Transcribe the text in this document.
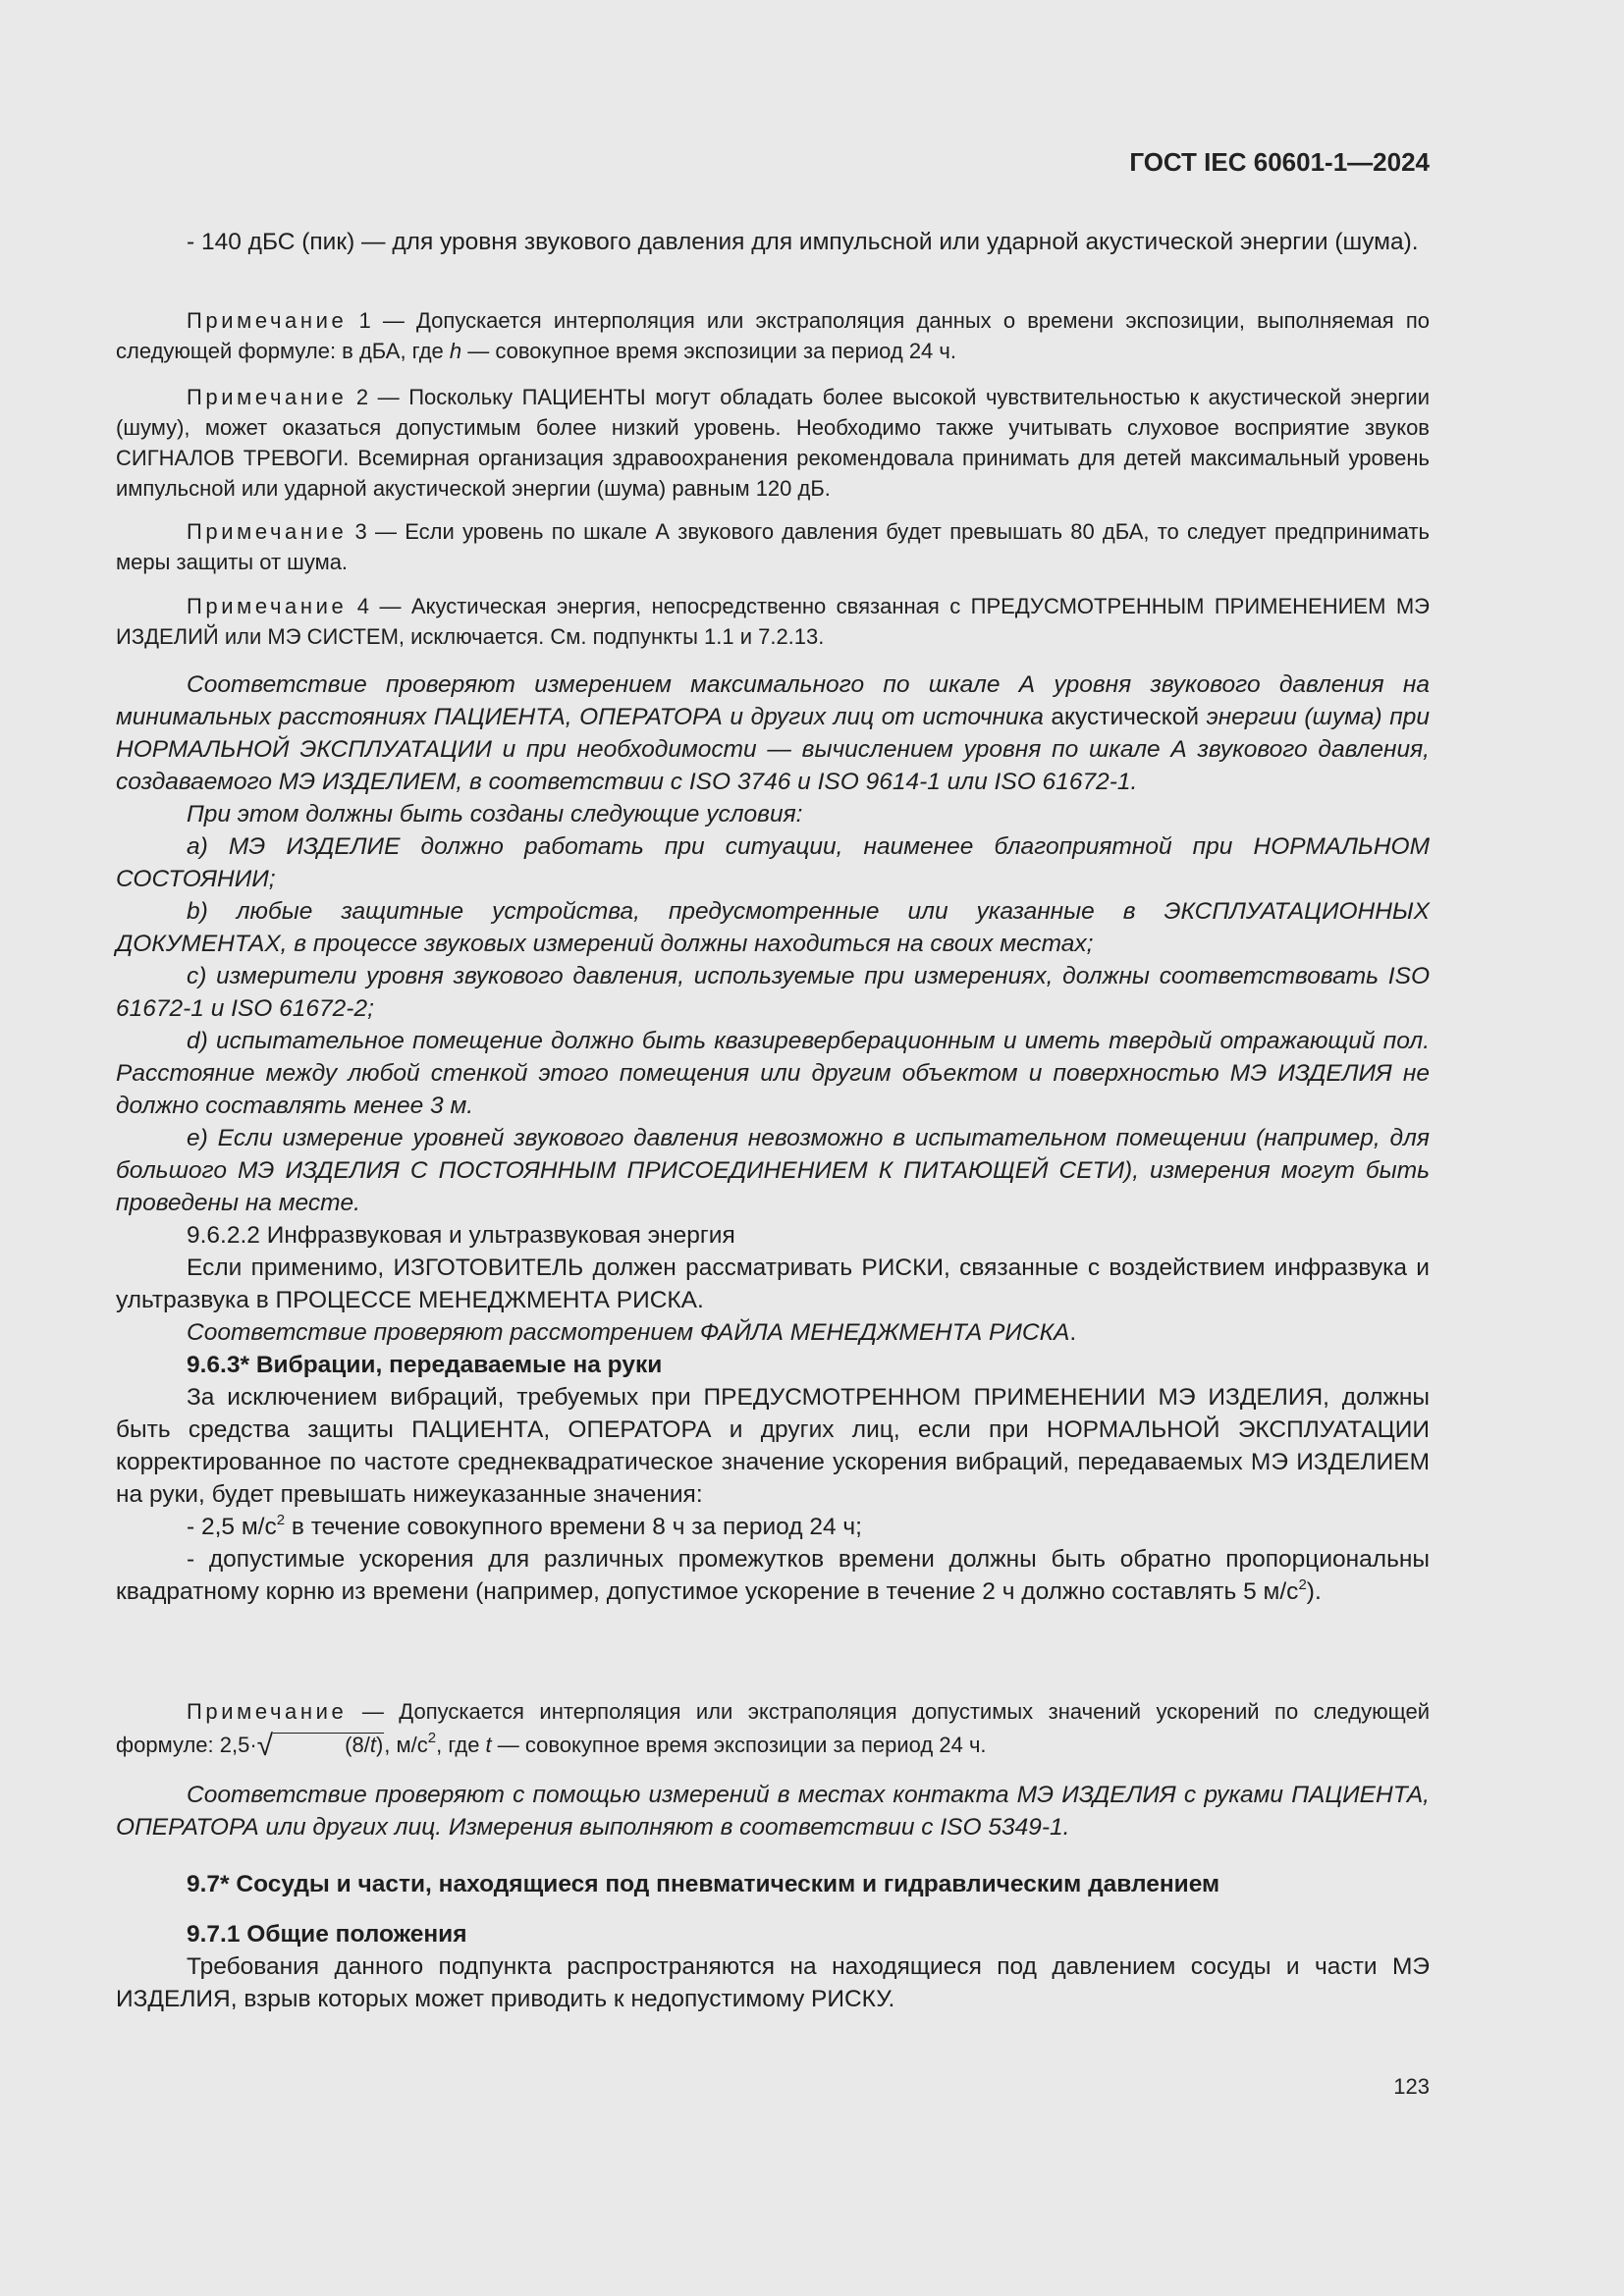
ГОСТ IEC 60601-1—2024

- 140 дБС (пик) — для уровня звукового давления для импульсной или ударной акустической энергии (шума).

Примечание 1 — Допускается интерполяция или экстраполяция данных о времени экспозиции, выполняемая по следующей формуле: в дБА, где h — совокупное время экспозиции за период 24 ч.

Примечание 2 — Поскольку ПАЦИЕНТЫ могут обладать более высокой чувствительностью к акустической энергии (шуму), может оказаться допустимым более низкий уровень. Необходимо также учитывать слуховое восприятие звуков СИГНАЛОВ ТРЕВОГИ. Всемирная организация здравоохранения рекомендовала принимать для детей максимальный уровень импульсной или ударной акустической энергии (шума) равным 120 дБ.

Примечание 3 — Если уровень по шкале А звукового давления будет превышать 80 дБА, то следует предпринимать меры защиты от шума.

Примечание 4 — Акустическая энергия, непосредственно связанная с ПРЕДУСМОТРЕННЫМ ПРИМЕНЕНИЕМ МЭ ИЗДЕЛИЙ или МЭ СИСТЕМ, исключается. См. подпункты 1.1 и 7.2.13.

Соответствие проверяют измерением максимального по шкале А уровня звукового давления на минимальных расстояниях ПАЦИЕНТА, ОПЕРАТОРА и других лиц от источника акустической энергии (шума) при НОРМАЛЬНОЙ ЭКСПЛУАТАЦИИ и при необходимости — вычислением уровня по шкале А звукового давления, создаваемого МЭ ИЗДЕЛИЕМ, в соответствии с ISO 3746 и ISO 9614-1 или ISO 61672-1.

При этом должны быть созданы следующие условия:

a) МЭ ИЗДЕЛИЕ должно работать при ситуации, наименее благоприятной при НОРМАЛЬНОМ СОСТОЯНИИ;

b) любые защитные устройства, предусмотренные или указанные в ЭКСПЛУАТАЦИОННЫХ ДОКУМЕНТАХ, в процессе звуковых измерений должны находиться на своих местах;

c) измерители уровня звукового давления, используемые при измерениях, должны соответствовать ISO 61672-1 и ISO 61672-2;

d) испытательное помещение должно быть квазиреверберационным и иметь твердый отражающий пол. Расстояние между любой стенкой этого помещения или другим объектом и поверхностью МЭ ИЗДЕЛИЯ не должно составлять менее 3 м.

e) Если измерение уровней звукового давления невозможно в испытательном помещении (например, для большого МЭ ИЗДЕЛИЯ С ПОСТОЯННЫМ ПРИСОЕДИНЕНИЕМ К ПИТАЮЩЕЙ СЕТИ), измерения могут быть проведены на месте.

9.6.2.2 Инфразвуковая и ультразвуковая энергия

Если применимо, ИЗГОТОВИТЕЛЬ должен рассматривать РИСКИ, связанные с воздействием инфразвука и ультразвука в ПРОЦЕССЕ МЕНЕДЖМЕНТА РИСКА.

Соответствие проверяют рассмотрением ФАЙЛА МЕНЕДЖМЕНТА РИСКА.

9.6.3* Вибрации, передаваемые на руки

За исключением вибраций, требуемых при ПРЕДУСМОТРЕННОМ ПРИМЕНЕНИИ МЭ ИЗДЕЛИЯ, должны быть средства защиты ПАЦИЕНТА, ОПЕРАТОРА и других лиц, если при НОРМАЛЬНОЙ ЭКСПЛУАТАЦИИ корректированное по частоте среднеквадратическое значение ускорения вибраций, передаваемых МЭ ИЗДЕЛИЕМ на руки, будет превышать нижеуказанные значения:

- 2,5 $м/с^2$ в течение совокупного времени 8 ч за период 24 ч;

- допустимые ускорения для различных промежутков времени должны быть обратно пропорциональны квадратному корню из времени (например, допустимое ускорение в течение 2 ч должно составлять 5 $м/с^2$).

Примечание — Допускается интерполяция или экстраполяция допустимых значений ускорений по следующей формуле: 2,5·√	(8/t), $м/с^2$, где t — совокупное время экспозиции за период 24 ч.

Соответствие проверяют с помощью измерений в местах контакта МЭ ИЗДЕЛИЯ с руками ПАЦИЕНТА, ОПЕРАТОРА или других лиц. Измерения выполняют в соответствии с ISO 5349-1.

9.7* Сосуды и части, находящиеся под пневматическим и гидравлическим давлением

9.7.1 Общие положения

Требования данного подпункта распространяются на находящиеся под давлением сосуды и части МЭ ИЗДЕЛИЯ, взрыв которых может приводить к недопустимому РИСКУ.

123
